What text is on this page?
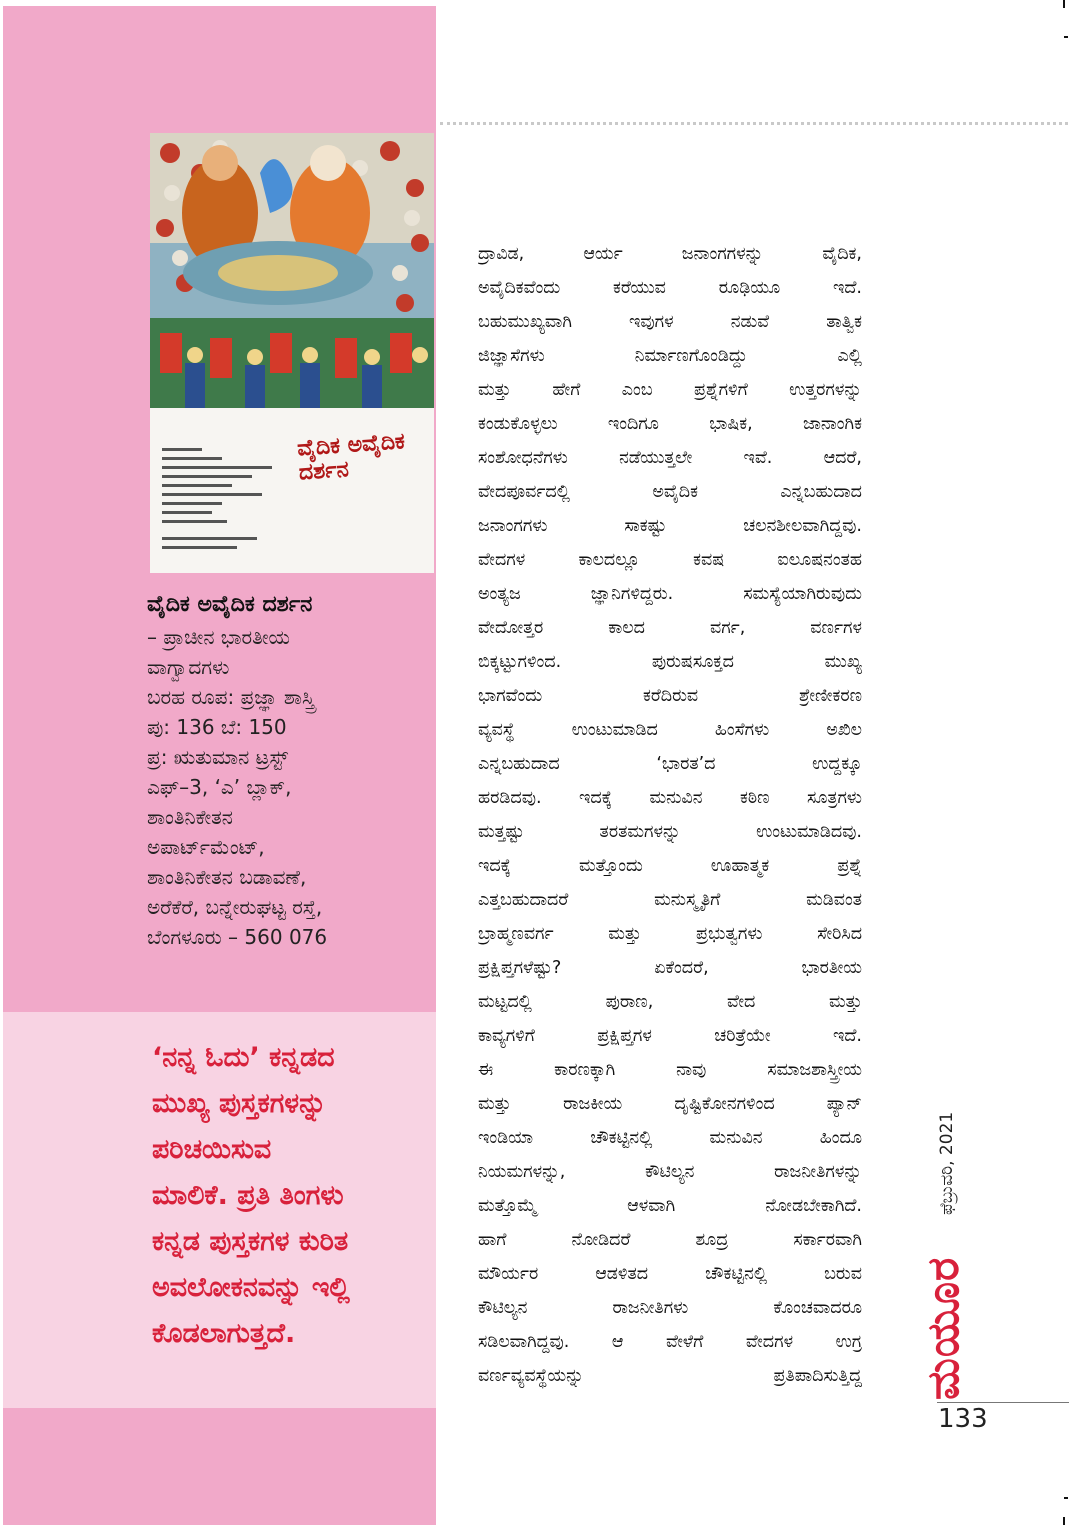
ವೈದಿಕ ಅವೈದಿಕ ದರ್ಶನ
ವೈದಿಕ ಅವೈದಿಕ ದರ್ಶನ
– ಪ್ರಾಚೀನ ಭಾರತೀಯ
ವಾಗ್ವಾದಗಳು
ಬರಹ ರೂಪ: ಪ್ರಜ್ಞಾ ಶಾಸ್ತ್ರಿ
ಪು: 136 ಬೆ: 150
ಪ್ರ: ಋತುಮಾನ ಟ್ರಸ್ಟ್
ಎಫ್–3, ‘ಎ’ ಬ್ಲಾಕ್,
ಶಾಂತಿನಿಕೇತನ
ಅಪಾರ್ಟ್‌ಮೆಂಟ್,
ಶಾಂತಿನಿಕೇತನ ಬಡಾವಣೆ,
ಅರೆಕೆರೆ, ಬನ್ನೇರುಘಟ್ಟ ರಸ್ತೆ,
ಬೆಂಗಳೂರು – 560 076
‘ನನ್ನ ಓದು’ ಕನ್ನಡದ
ಮುಖ್ಯ ಪುಸ್ತಕಗಳನ್ನು
ಪರಿಚಯಿಸುವ
ಮಾಲಿಕೆ. ಪ್ರತಿ ತಿಂಗಳು
ಕನ್ನಡ ಪುಸ್ತಕಗಳ ಕುರಿತ
ಅವಲೋಕನವನ್ನು ಇಲ್ಲಿ
ಕೊಡಲಾಗುತ್ತದೆ.
ದ್ರಾವಿಡ, ಆರ್ಯ ಜನಾಂಗಗಳನ್ನು ವೈದಿಕ,
ಅವೈದಿಕವೆಂದು ಕರೆಯುವ ರೂಢಿಯೂ ಇದೆ.
ಬಹುಮುಖ್ಯವಾಗಿ ಇವುಗಳ ನಡುವೆ ತಾತ್ವಿಕ
ಜಿಜ್ಞಾಸೆಗಳು ನಿರ್ಮಾಣಗೊಂಡಿದ್ದು ಎಲ್ಲಿ
ಮತ್ತು ಹೇಗೆ ಎಂಬ ಪ್ರಶ್ನೆಗಳಿಗೆ ಉತ್ತರಗಳನ್ನು
ಕಂಡುಕೊಳ್ಳಲು ಇಂದಿಗೂ ಭಾಷಿಕ, ಜಾನಾಂಗಿಕ
ಸಂಶೋಧನೆಗಳು ನಡೆಯುತ್ತಲೇ ಇವೆ. ಆದರೆ,
ವೇದಪೂರ್ವದಲ್ಲಿ ಅವೈದಿಕ ಎನ್ನಬಹುದಾದ
ಜನಾಂಗಗಳು ಸಾಕಷ್ಟು ಚಲನಶೀಲವಾಗಿದ್ದವು.
ವೇದಗಳ ಕಾಲದಲ್ಲೂ ಕವಷ ಐಲೂಷನಂತಹ
ಅಂತ್ಯಜ ಜ್ಞಾನಿಗಳಿದ್ದರು. ಸಮಸ್ಯೆಯಾಗಿರುವುದು
ವೇದೋತ್ತರ ಕಾಲದ ವರ್ಗ, ವರ್ಣಗಳ
ಬಿಕ್ಕಟ್ಟುಗಳಿಂದ. ಪುರುಷಸೂಕ್ತದ ಮುಖ್ಯ
ಭಾಗವೆಂದು ಕರೆದಿರುವ ಶ್ರೇಣೀಕರಣ
ವ್ಯವಸ್ಥೆ ಉಂಟುಮಾಡಿದ ಹಿಂಸೆಗಳು ಅಖಿಲ
ಎನ್ನಬಹುದಾದ ‘ಭಾರತ’ದ ಉದ್ದಕ್ಕೂ
ಹರಡಿದವು. ಇದಕ್ಕೆ ಮನುವಿನ ಕಠಿಣ ಸೂತ್ರಗಳು
ಮತ್ತಷ್ಟು ತರತಮಗಳನ್ನು ಉಂಟುಮಾಡಿದವು.
ಇದಕ್ಕೆ ಮತ್ತೊಂದು ಊಹಾತ್ಮಕ ಪ್ರಶ್ನೆ
ಎತ್ತಬಹುದಾದರೆ ಮನುಸ್ಮೃತಿಗೆ ಮಡಿವಂತ
ಬ್ರಾಹ್ಮಣವರ್ಗ ಮತ್ತು ಪ್ರಭುತ್ವಗಳು ಸೇರಿಸಿದ
ಪ್ರಕ್ಷಿಪ್ತಗಳೆಷ್ಟು? ಏಕೆಂದರೆ, ಭಾರತೀಯ
ಮಟ್ಟದಲ್ಲಿ ಪುರಾಣ, ವೇದ ಮತ್ತು
ಕಾವ್ಯಗಳಿಗೆ ಪ್ರಕ್ಷಿಪ್ತಗಳ ಚರಿತ್ರೆಯೇ ಇದೆ.
ಈ ಕಾರಣಕ್ಕಾಗಿ ನಾವು ಸಮಾಜಶಾಸ್ತ್ರೀಯ
ಮತ್ತು ರಾಜಕೀಯ ದೃಷ್ಟಿಕೋನಗಳಿಂದ ಪ್ಯಾನ್
ಇಂಡಿಯಾ ಚೌಕಟ್ಟಿನಲ್ಲಿ ಮನುವಿನ ಹಿಂದೂ
ನಿಯಮಗಳನ್ನು, ಕೌಟಿಲ್ಯನ ರಾಜನೀತಿಗಳನ್ನು
ಮತ್ತೊಮ್ಮೆ ಆಳವಾಗಿ ನೋಡಬೇಕಾಗಿದೆ.
ಹಾಗೆ ನೋಡಿದರೆ ಶೂದ್ರ ಸರ್ಕಾರವಾಗಿ
ಮೌರ್ಯರ ಆಡಳಿತದ ಚೌಕಟ್ಟಿನಲ್ಲಿ ಬರುವ
ಕೌಟಿಲ್ಯನ ರಾಜನೀತಿಗಳು ಕೊಂಚವಾದರೂ
ಸಡಿಲವಾಗಿದ್ದವು. ಆ ವೇಳೆಗೆ ವೇದಗಳ ಉಗ್ರ
ವರ್ಣವ್ಯವಸ್ಥೆಯನ್ನು ಪ್ರತಿಪಾದಿಸುತ್ತಿದ್ದ
ಫೆಬ್ರುವರಿ, 2021
ಮಯೂರ
133
